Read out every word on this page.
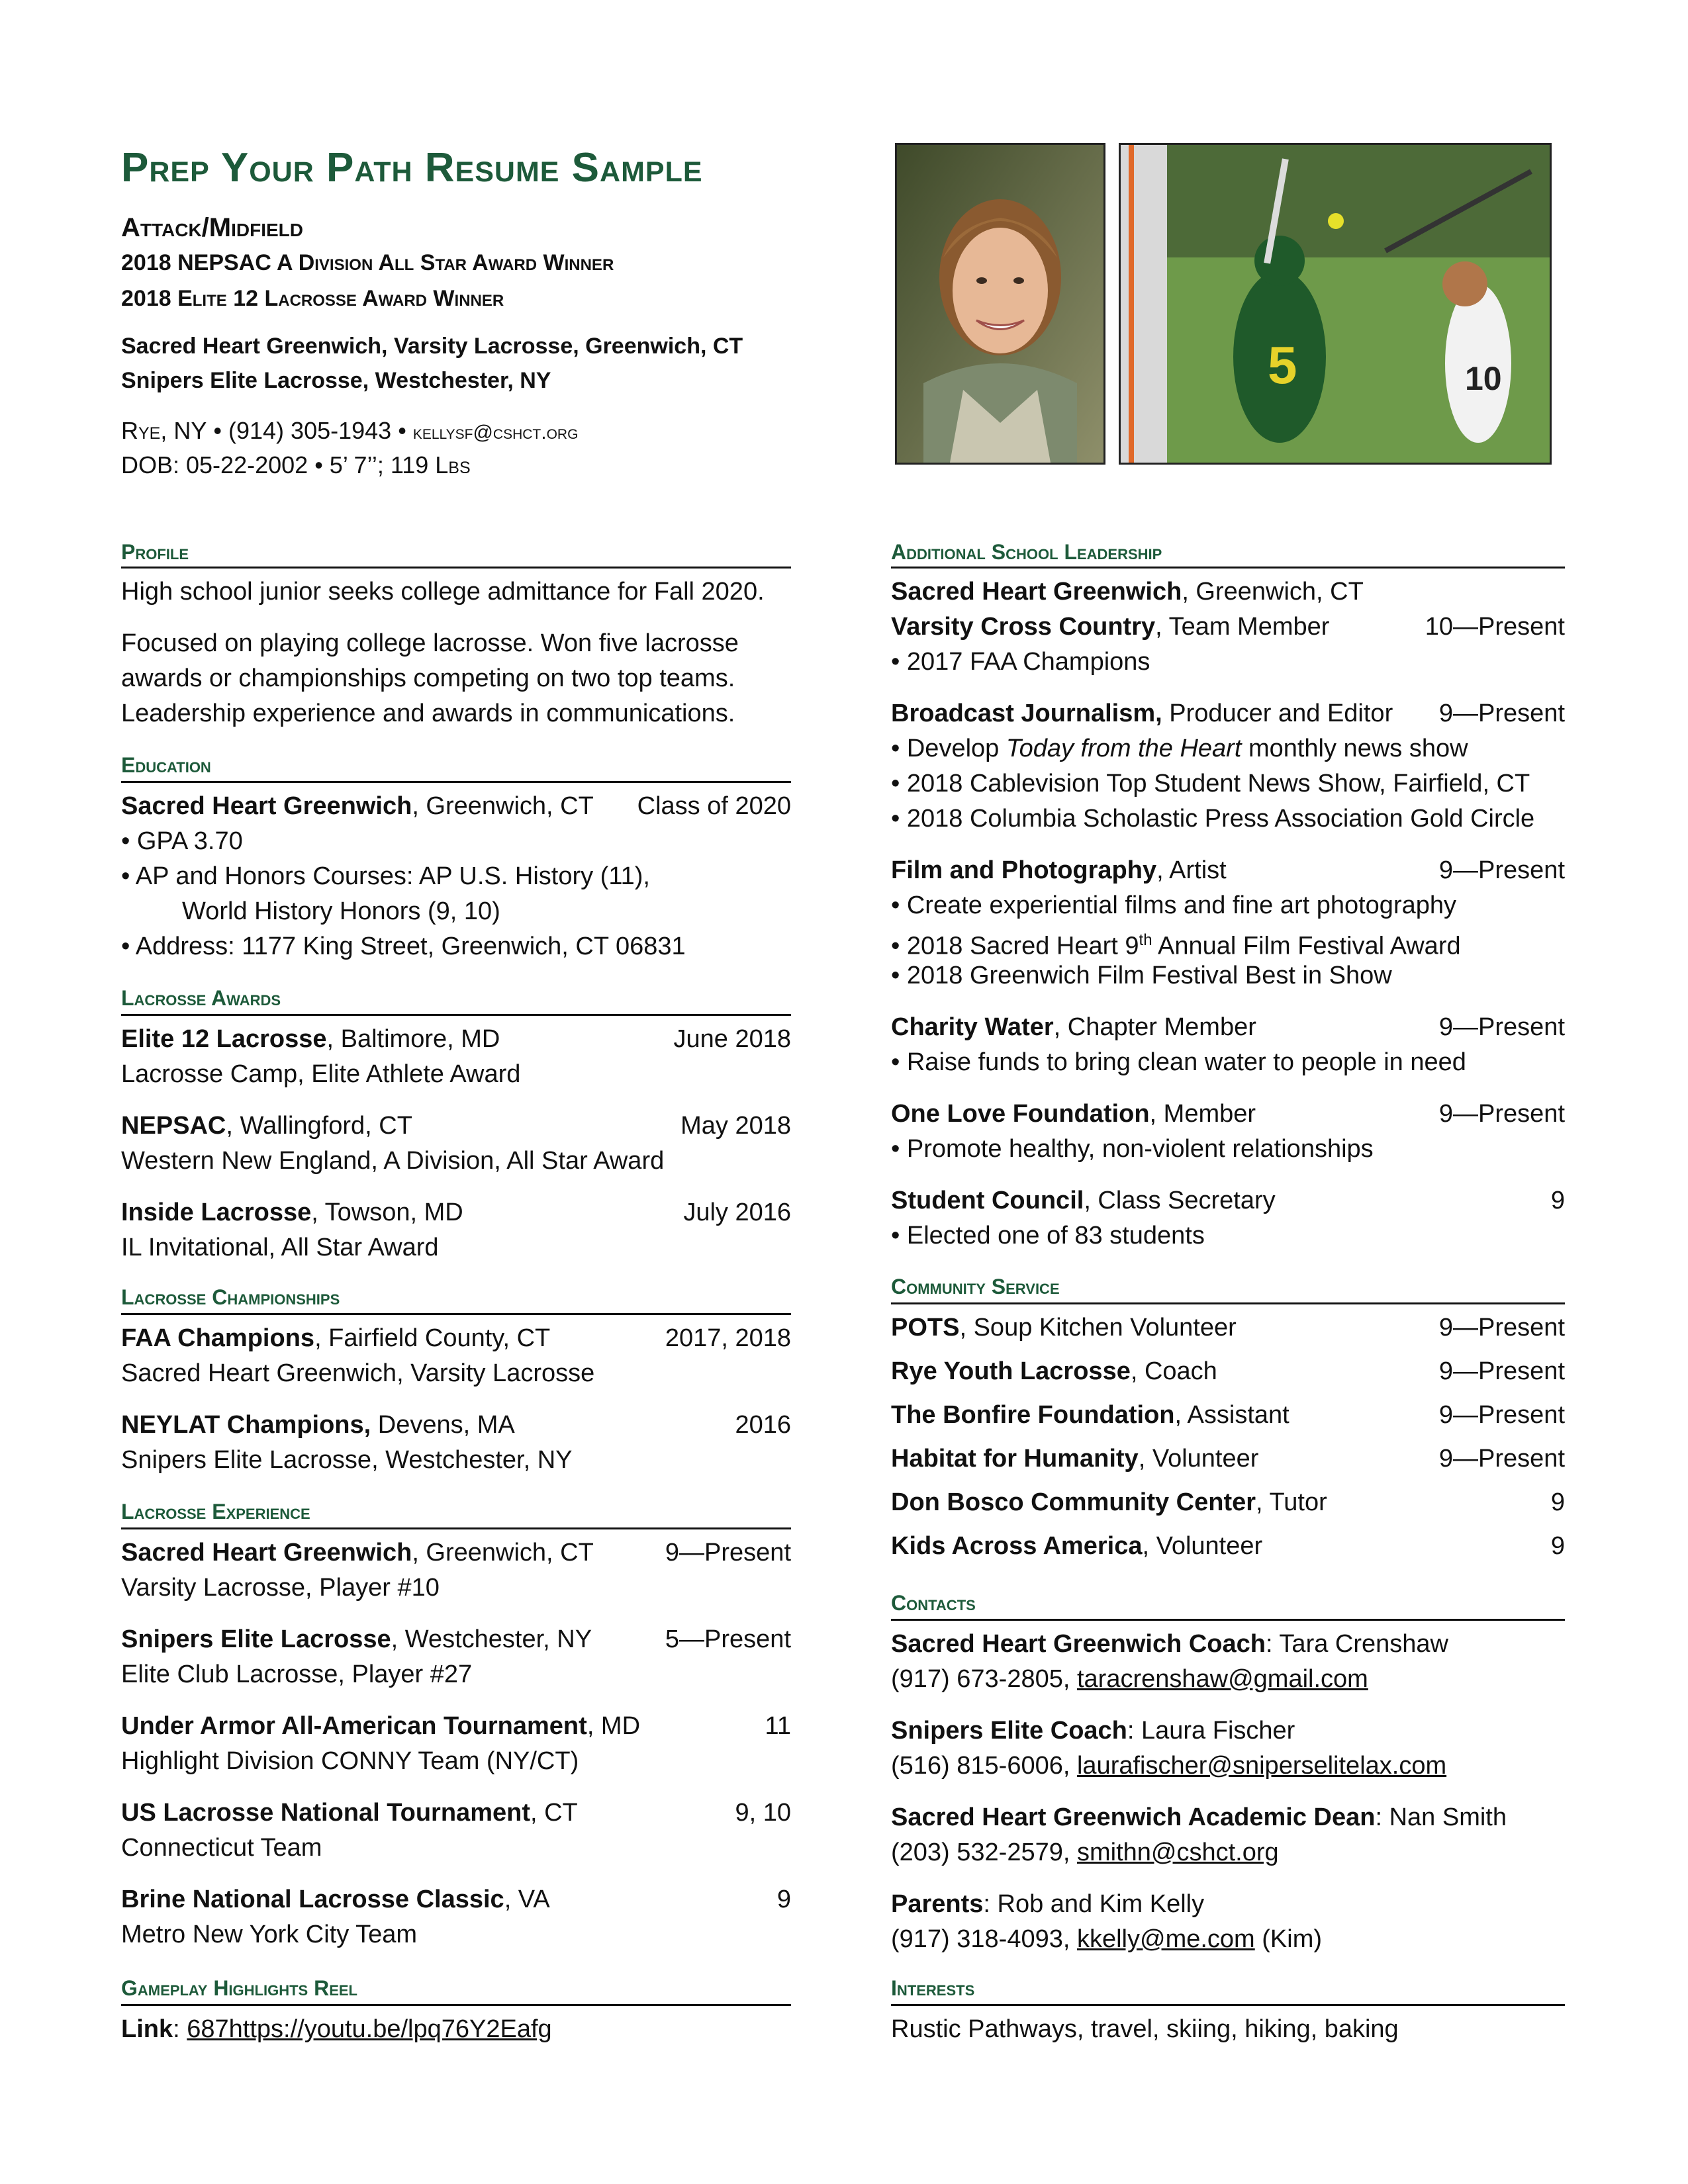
Prep Your Path Resume Sample
Attack/Midfield
2018 NEPSAC A Division All Star Award Winner
2018 Elite 12 Lacrosse Award Winner
Sacred Heart Greenwich, Varsity Lacrosse, Greenwich, CT
Snipers Elite Lacrosse, Westchester, NY
Rye, NY • (914) 305-1943 • kellysf@cshct.org
DOB: 05-22-2002 • 5’ 7’’; 119 Lbs
5	10
Profile
High school junior seeks college admittance for Fall 2020.
Focused on playing college lacrosse. Won five lacrosse
awards or championships competing on two top teams.
Leadership experience and awards in communications.
Education
Sacred Heart Greenwich, Greenwich, CT	Class of 2020
• GPA 3.70
• AP and Honors Courses: AP U.S. History (11),
World History Honors (9, 10)
• Address: 1177 King Street, Greenwich, CT 06831
Lacrosse Awards
Elite 12 Lacrosse, Baltimore, MD	June 2018
Lacrosse Camp, Elite Athlete Award
NEPSAC, Wallingford, CT	May 2018
Western New England, A Division, All Star Award
Inside Lacrosse, Towson, MD	July 2016
IL Invitational, All Star Award
Lacrosse Championships
FAA Champions, Fairfield County, CT	2017, 2018
Sacred Heart Greenwich, Varsity Lacrosse
NEYLAT Champions, Devens, MA	2016
Snipers Elite Lacrosse, Westchester, NY
Lacrosse Experience
Sacred Heart Greenwich, Greenwich, CT	9—Present
Varsity Lacrosse, Player #10
Snipers Elite Lacrosse, Westchester, NY	5—Present
Elite Club Lacrosse, Player #27
Under Armor All-American Tournament, MD	11
Highlight Division CONNY Team (NY/CT)
US Lacrosse National Tournament, CT	9, 10
Connecticut Team
Brine National Lacrosse Classic, VA	9
Metro New York City Team
Gameplay Highlights Reel
Link: 687https://youtu.be/lpq76Y2Eafg
Additional School Leadership
Sacred Heart Greenwich, Greenwich, CT
Varsity Cross Country, Team Member	10—Present
• 2017 FAA Champions
Broadcast Journalism, Producer and Editor	9—Present
• Develop Today from the Heart monthly news show
• 2018 Cablevision Top Student News Show, Fairfield, CT
• 2018 Columbia Scholastic Press Association Gold Circle
Film and Photography, Artist	9—Present
• Create experiential films and fine art photography
• 2018 Sacred Heart 9th Annual Film Festival Award
• 2018 Greenwich Film Festival Best in Show
Charity Water, Chapter Member	9—Present
• Raise funds to bring clean water to people in need
One Love Foundation, Member	9—Present
• Promote healthy, non-violent relationships
Student Council, Class Secretary	9
• Elected one of 83 students
Community Service
POTS, Soup Kitchen Volunteer	9—Present
Rye Youth Lacrosse, Coach	9—Present
The Bonfire Foundation, Assistant	9—Present
Habitat for Humanity, Volunteer	9—Present
Don Bosco Community Center, Tutor	9
Kids Across America, Volunteer	9
Contacts
Sacred Heart Greenwich Coach: Tara Crenshaw
(917) 673-2805, taracrenshaw@gmail.com
Snipers Elite Coach: Laura Fischer
(516) 815-6006, laurafischer@sniperselitelax.com
Sacred Heart Greenwich Academic Dean: Nan Smith
(203) 532-2579, smithn@cshct.org
Parents: Rob and Kim Kelly
(917) 318-4093, kkelly@me.com (Kim)
Interests
Rustic Pathways, travel, skiing, hiking, baking
